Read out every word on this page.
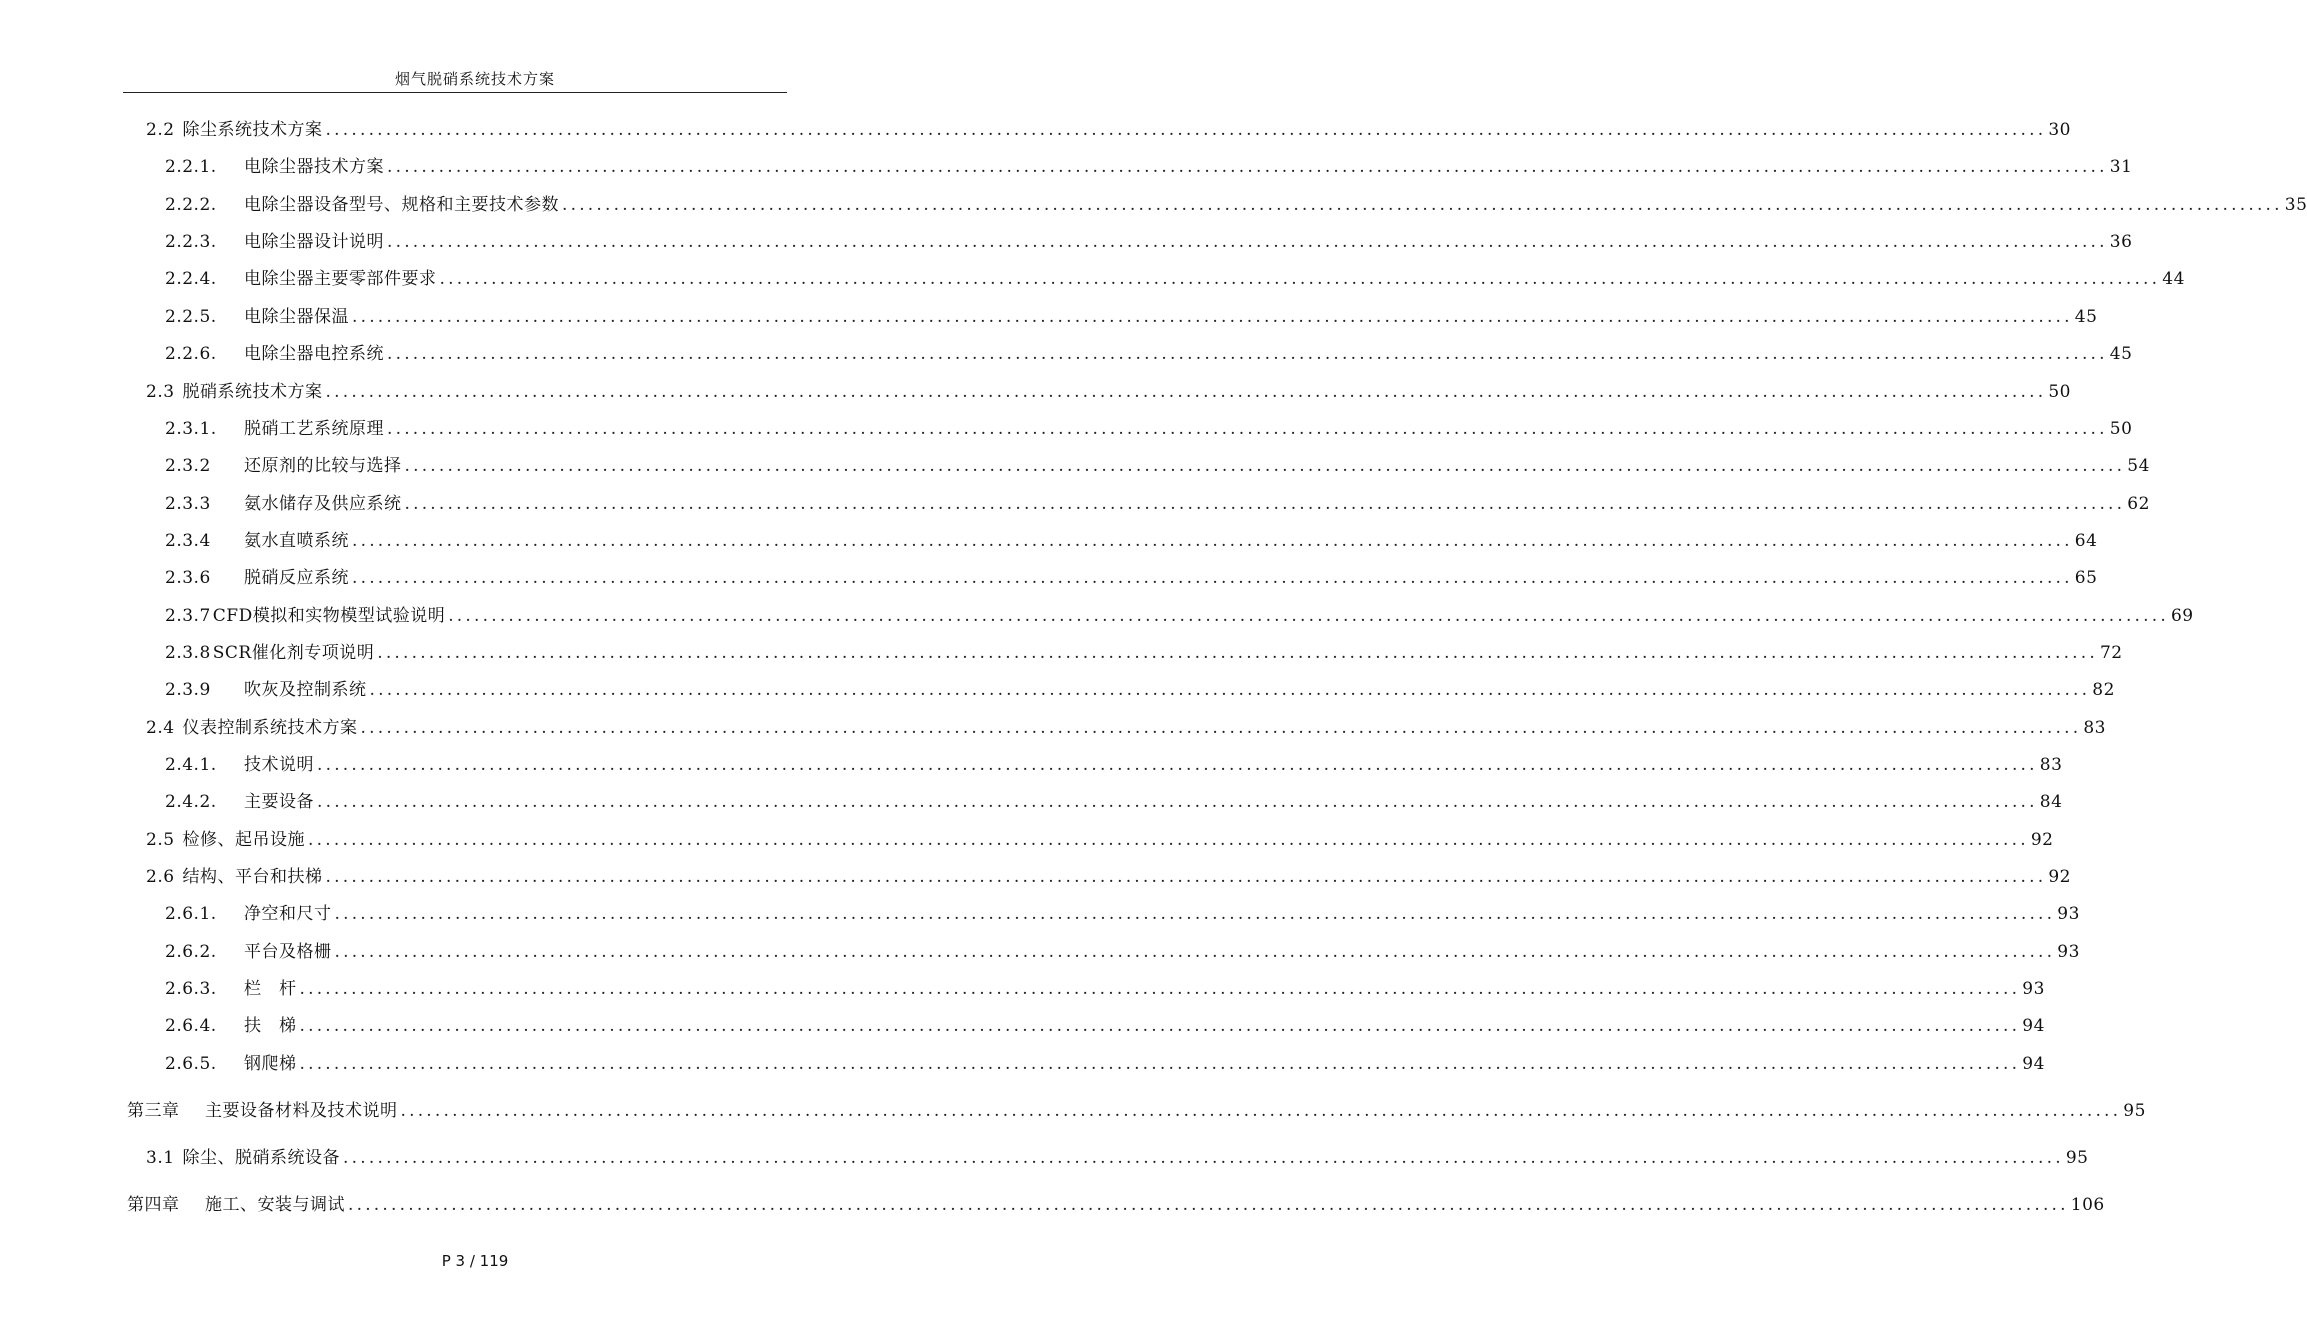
烟气脱硝系统技术方案
2.2 除尘系统技术方案 ........................................................................................................................................................................................................ 30
2.2.1.	电除尘器技术方案 ........................................................................................................................................................................................................ 31
2.2.2.	电除尘器设备型号、规格和主要技术参数 ........................................................................................................................................................................................................ 35
2.2.3.	电除尘器设计说明 ........................................................................................................................................................................................................ 36
2.2.4.	电除尘器主要零部件要求 ........................................................................................................................................................................................................ 44
2.2.5.	电除尘器保温 ........................................................................................................................................................................................................ 45
2.2.6.	电除尘器电控系统 ........................................................................................................................................................................................................ 45
2.3 脱硝系统技术方案 ........................................................................................................................................................................................................ 50
2.3.1.	脱硝工艺系统原理 ........................................................................................................................................................................................................ 50
2.3.2	还原剂的比较与选择 ........................................................................................................................................................................................................ 54
2.3.3	氨水储存及供应系统 ........................................................................................................................................................................................................ 62
2.3.4	氨水直喷系统 ........................................................................................................................................................................................................ 64
2.3.6	脱硝反应系统 ........................................................................................................................................................................................................ 65
2.3.7 CFD模拟和实物模型试验说明 ........................................................................................................................................................................................................ 69
2.3.8 SCR催化剂专项说明 ........................................................................................................................................................................................................ 72
2.3.9	吹灰及控制系统 ........................................................................................................................................................................................................ 82
2.4 仪表控制系统技术方案 ........................................................................................................................................................................................................ 83
2.4.1.	技术说明 ........................................................................................................................................................................................................ 83
2.4.2.	主要设备 ........................................................................................................................................................................................................ 84
2.5 检修、起吊设施 ........................................................................................................................................................................................................ 92
2.6 结构、平台和扶梯 ........................................................................................................................................................................................................ 92
2.6.1.	净空和尺寸 ........................................................................................................................................................................................................ 93
2.6.2.	平台及格栅 ........................................................................................................................................................................................................ 93
2.6.3.	栏　杆 ........................................................................................................................................................................................................ 93
2.6.4.	扶　梯 ........................................................................................................................................................................................................ 94
2.6.5.	钢爬梯 ........................................................................................................................................................................................................ 94
第三章	主要设备材料及技术说明 ........................................................................................................................................................................................................ 95
3.1 除尘、脱硝系统设备 ........................................................................................................................................................................................................ 95
第四章	施工、安装与调试 ........................................................................................................................................................................................................ 106
P 3 / 119
